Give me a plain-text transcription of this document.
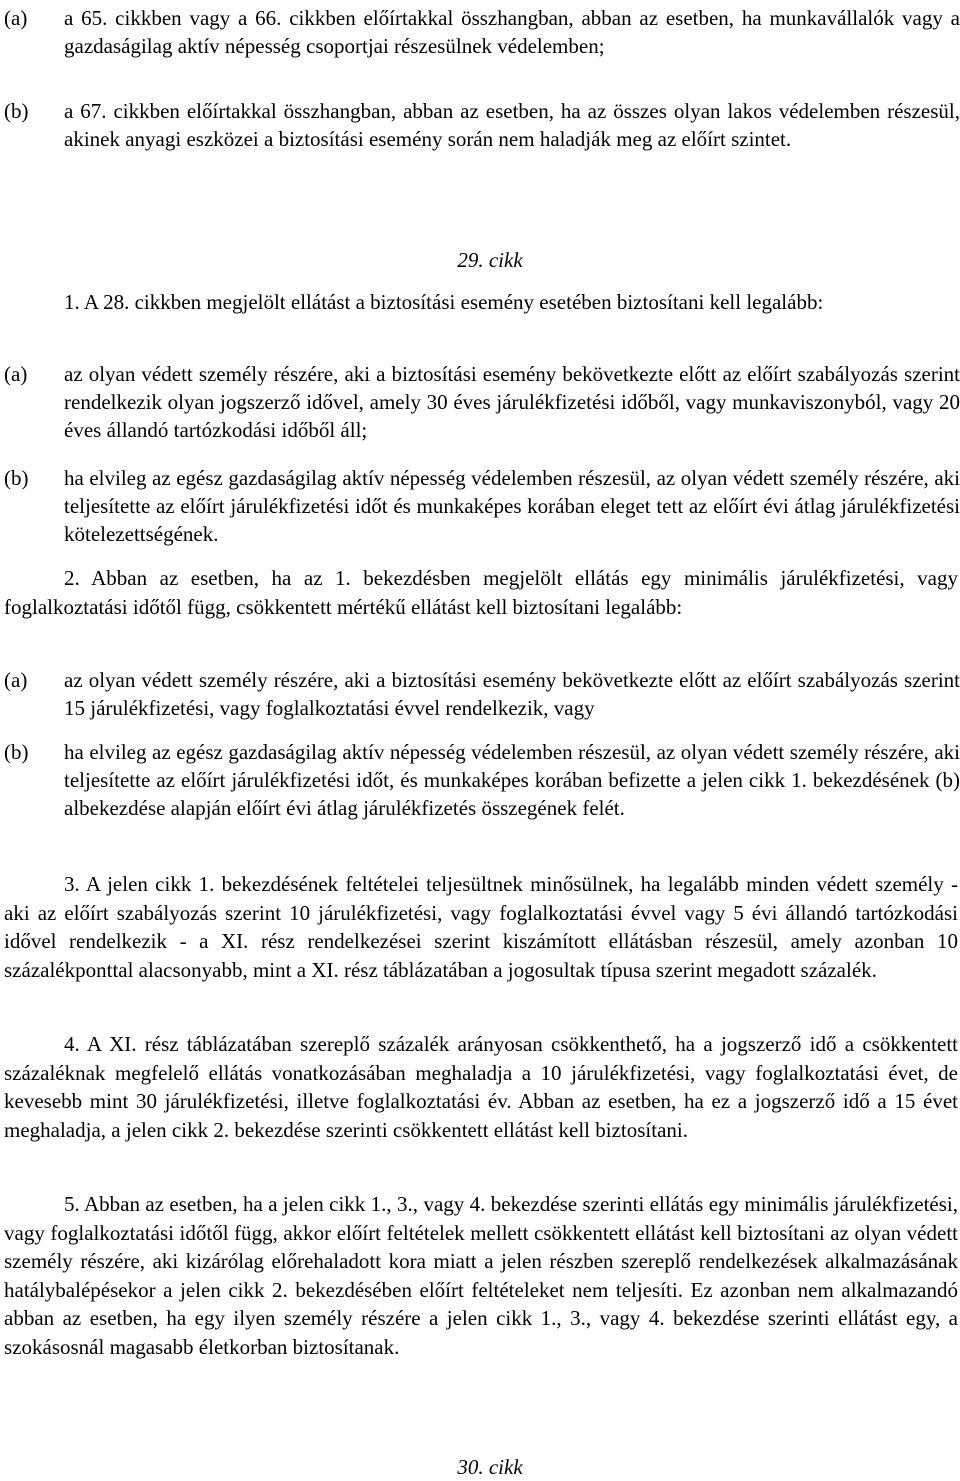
(a) a 65. cikkben vagy a 66. cikkben előírtakkal összhangban, abban az esetben, ha munkavállalók vagy a gazdaságilag aktív népesség csoportjai részesülnek védelemben;
(b) a 67. cikkben előírtakkal összhangban, abban az esetben, ha az összes olyan lakos védelemben részesül, akinek anyagi eszközei a biztosítási esemény során nem haladják meg az előírt szintet.
29. cikk
1. A 28. cikkben megjelölt ellátást a biztosítási esemény esetében biztosítani kell legalább:
(a) az olyan védett személy részére, aki a biztosítási esemény bekövetkezte előtt az előírt szabályozás szerint rendelkezik olyan jogszerző idővel, amely 30 éves járulékfizetési időből, vagy munkaviszonyból, vagy 20 éves állandó tartózkodási időből áll;
(b) ha elvileg az egész gazdaságilag aktív népesség védelemben részesül, az olyan védett személy részére, aki teljesítette az előírt járulékfizetési időt és munkaképes korában eleget tett az előírt évi átlag járulékfizetési kötelezettségének.
2. Abban az esetben, ha az 1. bekezdésben megjelölt ellátás egy minimális járulékfizetési, vagy foglalkoztatási időtől függ, csökkentett mértékű ellátást kell biztosítani legalább:
(a) az olyan védett személy részére, aki a biztosítási esemény bekövetkezte előtt az előírt szabályozás szerint 15 járulékfizetési, vagy foglalkoztatási évvel rendelkezik, vagy
(b) ha elvileg az egész gazdaságilag aktív népesség védelemben részesül, az olyan védett személy részére, aki teljesítette az előírt járulékfizetési időt, és munkaképes korában befizette a jelen cikk 1. bekezdésének (b) albekezdése alapján előírt évi átlag járulékfizetés összegének felét.
3. A jelen cikk 1. bekezdésének feltételei teljesültnek minősülnek, ha legalább minden védett személy - aki az előírt szabályozás szerint 10 járulékfizetési, vagy foglalkoztatási évvel vagy 5 évi állandó tartózkodási idővel rendelkezik - a XI. rész rendelkezései szerint kiszámított ellátásban részesül, amely azonban 10 százalékponttal alacsonyabb, mint a XI. rész táblázatában a jogosultak típusa szerint megadott százalék.
4. A XI. rész táblázatában szereplő százalék arányosan csökkenthető, ha a jogszerző idő a csökkentett százaléknak megfelelő ellátás vonatkozásában meghaladja a 10 járulékfizetési, vagy foglalkoztatási évet, de kevesebb mint 30 járulékfizetési, illetve foglalkoztatási év. Abban az esetben, ha ez a jogszerző idő a 15 évet meghaladja, a jelen cikk 2. bekezdése szerinti csökkentett ellátást kell biztosítani.
5. Abban az esetben, ha a jelen cikk 1., 3., vagy 4. bekezdése szerinti ellátás egy minimális járulékfizetési, vagy foglalkoztatási időtől függ, akkor előírt feltételek mellett csökkentett ellátást kell biztosítani az olyan védett személy részére, aki kizárólag előrehaladott kora miatt a jelen részben szereplő rendelkezések alkalmazásának hatálybalépésekor a jelen cikk 2. bekezdésében előírt feltételeket nem teljesíti. Ez azonban nem alkalmazandó abban az esetben, ha egy ilyen személy részére a jelen cikk 1., 3., vagy 4. bekezdése szerinti ellátást egy, a szokásosnál magasabb életkorban biztosítanak.
30. cikk
